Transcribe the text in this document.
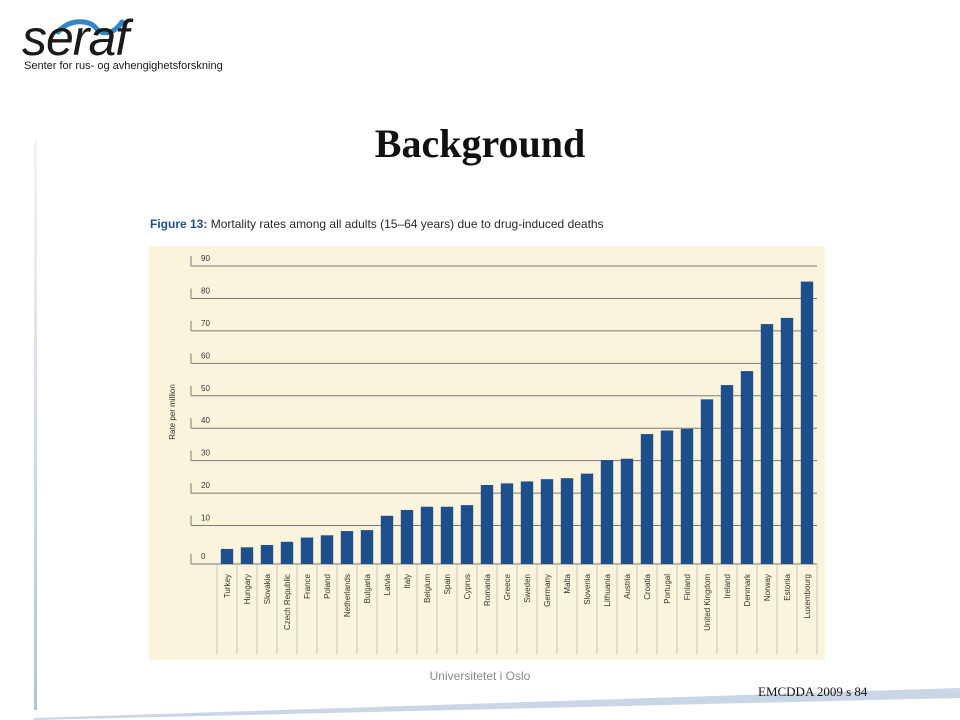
seraf
Senter for rus- og avhengighetsforskning
Background
Figure 13: Mortality rates among all adults (15–64 years) due to drug-induced deaths
Rate per million
0
10
20
30
40
50
60
70
80
90
Turkey Hungary Slovakia Czech Republic France Poland Netherlands Bulgaria Latvia Italy Belgium Spain Cyprus Romania Greece Sweden Germany Malta Slovenia Lithuania Austria Croatia Portugal Finland United Kingdom Ireland Denmark Norway Estonia Luxembourg
Universitetet i Oslo
EMCDDA 2009 s 84
